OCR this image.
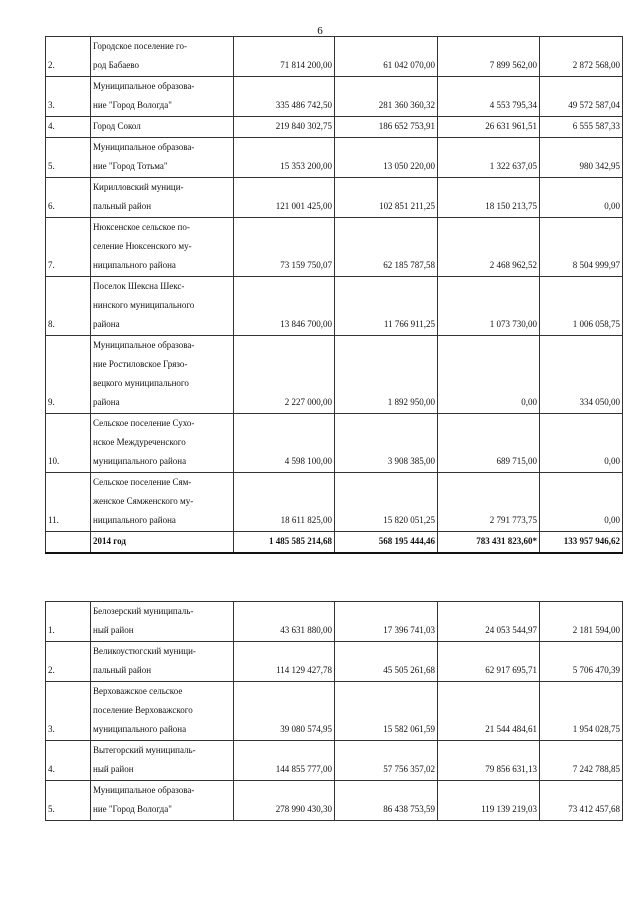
6
2.	Городское поселение го-
род Бабаево	71 814 200,00	61 042 070,00	7 899 562,00	2 872 568,00
3.	Муниципальное образова-
ние "Город Вологда"	335 486 742,50	281 360 360,32	4 553 795,34	49 572 587,04
4.	Город Сокол	219 840 302,75	186 652 753,91	26 631 961,51	6 555 587,33
5.	Муниципальное образова-
ние "Город Тотьма"	15 353 200,00	13 050 220,00	1 322 637,05	980 342,95
6.	Кирилловский муници-
пальный район	121 001 425,00	102 851 211,25	18 150 213,75	0,00
7.	Нюксенское сельское по-
селение Нюксенского му-
ниципального района	73 159 750,07	62 185 787,58	2 468 962,52	8 504 999,97
8.	Поселок Шексна Шекс-
нинского муниципального
района	13 846 700,00	11 766 911,25	1 073 730,00	1 006 058,75
9.	Муниципальное образова-
ние Ростиловское Грязо-
вецкого муниципального
района	2 227 000,00	1 892 950,00	0,00	334 050,00
10.	Сельское поселение Сухо-
нское Междуреченского
муниципального района	4 598 100,00	3 908 385,00	689 715,00	0,00
11.	Сельское поселение Сям-
женское Сямженского му-
ниципального района	18 611 825,00	15 820 051,25	2 791 773,75	0,00
	2014 год	1 485 585 214,68	568 195 444,46	783 431 823,60*	133 957 946,62
1.	Белозерский муниципаль-
ный район	43 631 880,00	17 396 741,03	24 053 544,97	2 181 594,00
2.	Великоустюгский муници-
пальный район	114 129 427,78	45 505 261,68	62 917 695,71	5 706 470,39
3.	Верховажское сельское
поселение Верховажского
муниципального района	39 080 574,95	15 582 061,59	21 544 484,61	1 954 028,75
4.	Вытегорский муниципаль-
ный район	144 855 777,00	57 756 357,02	79 856 631,13	7 242 788,85
5.	Муниципальное образова-
ние "Город Вологда"	278 990 430,30	86 438 753,59	119 139 219,03	73 412 457,68
